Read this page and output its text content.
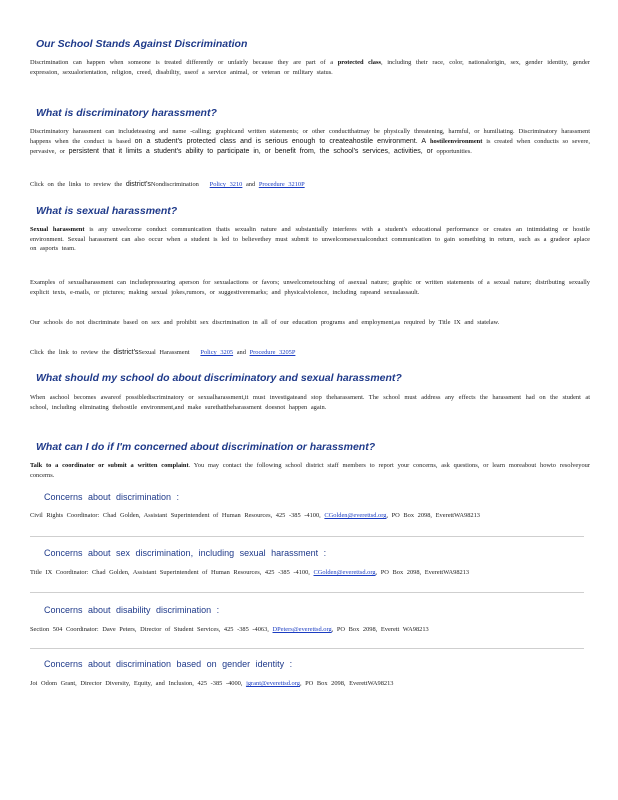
Our School Stands Against Discrimination
Discrimination can happen when someone is treated differently or unfairly because they are part of a protected class, including their race, color, nationalorigin, sex, gender identity, gender expression, sexualorientation, religion, creed, disability, useof a service animal, or veteran or military status.
What is discriminatory harassment?
Discriminatory harassment can includeteasing and name -calling; graphicand written statements; or other conductthatmay be physically threatening, harmful, or humiliating. Discriminatory harassment happens when the conduct is based on a student's protected class and is serious enough to createahostile environment. A hostileenvironment is created when conductis so severe, pervasive, or persistent that it limits a student's ability to participate in, or benefit from, the school's services, activities, or opportunities.
Click on the links to review the district'sNondiscrimination Policy 3210 and Procedure 3210P
What is sexual harassment?
Sexual harassment is any unwelcome conduct communication thatis sexualin nature and substantially interferes with a student's educational performance or creates an intimidating or hostile environment. Sexual harassment can also occur when a student is led to believethey must submit to unwelcomesexualconduct communication to gain something in return, such as a gradeor aplace on asports team.
Examples of sexualharassment can includepressuring aperson for sexualactions or favors; unwelcometouching of asexual nature; graphic or written statements of a sexual nature; distributing sexually explicit texts, e-mails, or pictures; making sexual jokes,rumors, or suggestiveremarks; and physicalviolence, including rapeand sexualassault.
Our schools do not discriminate based on sex and prohibit sex discrimination in all of our education programs and employment,as required by Title IX and statelaw.
Click the link to review the district'sSexual Harassment Policy 3205 and Procedure 3205P
What should my school do about discriminatory and sexual harassment?
When aschool becomes awareof possiblediscriminatory or sexualharassment,it must investigateand stop theharassment. The school must address any effects the harassment had on the student at school, including eliminating thehostile environment,and make surethattheharassment doesnot happen again.
What can I do if I'm concerned about discrimination or harassment?
Talk to a coordinator or submit a written complaint. You may contact the following school district staff members to report your concerns, ask questions, or learn moreabout howto resolveyour concerns.
Concerns about discrimination :
Civil Rights Coordinator: Chad Golden, Assistant Superintendent of Human Resources, 425 -385 -4100, CGolden@everettsd.org, PO Box 2098, EverettWA98213
Concerns about sex discrimination, including sexual harassment :
Title IX Coordinator: Chad Golden, Assistant Superintendent of Human Resources, 425 -385 -4100, CGolden@everettsd.org, PO Box 2098, EverettWA98213
Concerns about disability discrimination :
Section 504 Coordinator: Dave Peters, Director of Student Services, 425 -385 -4063, DPeters@everettsd.org, PO Box 2098, Everett WA98213
Concerns about discrimination based on gender identity :
Joi Odom Grant, Director Diversity, Equity, and Inclusion, 425 -385 -4000, jgrant@everettsd.org, PO Box 2098, EverettWA98213
